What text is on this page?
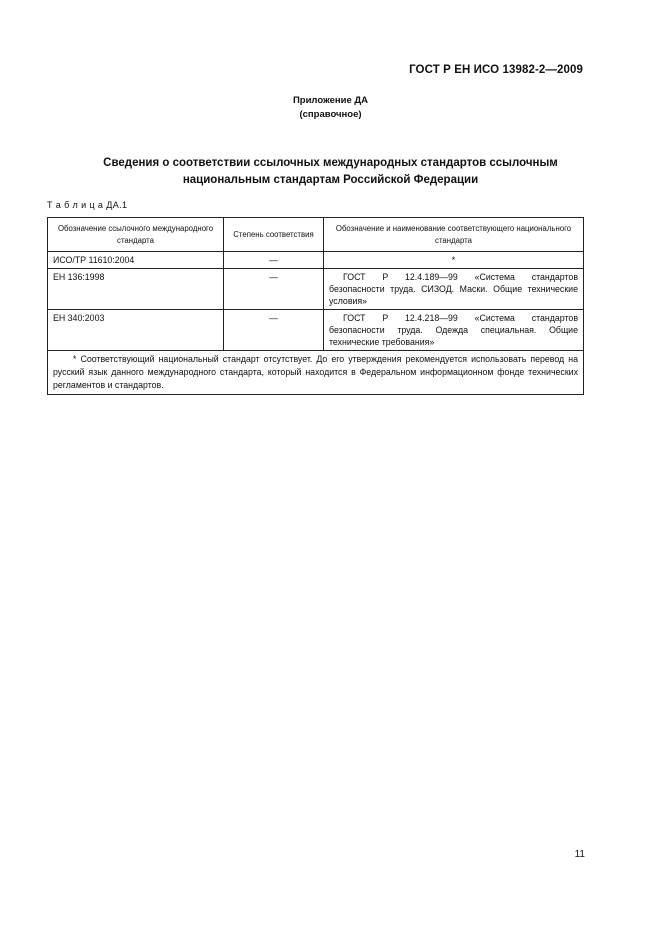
ГОСТ Р ЕН ИСО 13982-2—2009
Приложение ДА
(справочное)
Сведения о соответствии ссылочных международных стандартов ссылочным
национальным стандартам Российской Федерации
Т а б л и ц а ДА.1
Обозначение ссылочного международного стандарта	Степень соответствия	Обозначение и наименование соответствующего национального стандарта
ИСО/ТР 11610:2004	—	*
ЕН 136:1998	—	ГОСТ Р 12.4.189—99 «Система стандартов безопасности труда. СИЗОД. Маски. Общие технические условия»
ЕН 340:2003	—	ГОСТ Р 12.4.218—99 «Система стандартов безопасности труда. Одежда специальная. Общие технические требования»
* Соответствующий национальный стандарт отсутствует. До его утверждения рекомендуется использовать перевод на русский язык данного международного стандарта, который находится в Федеральном информационном фонде технических регламентов и стандартов.		
11
